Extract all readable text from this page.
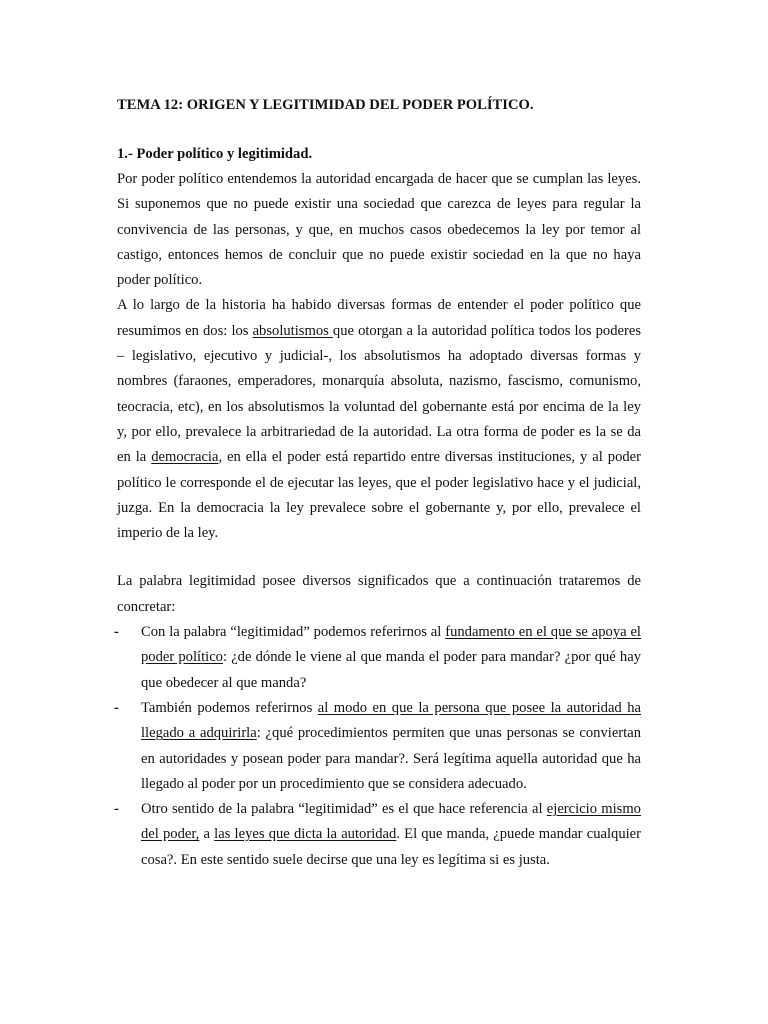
TEMA 12: ORIGEN Y LEGITIMIDAD DEL PODER POLÍTICO.

1.- Poder político y legitimidad.

Por poder político entendemos la autoridad encargada de hacer que se cumplan las leyes. Si suponemos que no puede existir una sociedad que carezca de leyes para regular la convivencia de las personas, y que, en muchos casos obedecemos la ley por temor al castigo, entonces hemos de concluir que no puede existir sociedad en la que no haya poder político.

A lo largo de la historia ha habido diversas formas de entender el poder político que resumimos en dos: los absolutismos que otorgan a la autoridad política todos los poderes – legislativo, ejecutivo y judicial-, los absolutismos ha adoptado diversas formas y nombres (faraones, emperadores, monarquía absoluta, nazismo, fascismo, comunismo, teocracia, etc), en los absolutismos la voluntad del gobernante está por encima de la ley y, por ello, prevalece la arbitrariedad de la autoridad. La otra forma de poder es la se da en la democracia, en ella el poder está repartido entre diversas instituciones, y al poder político le corresponde el de ejecutar las leyes, que el poder legislativo hace y el judicial, juzga. En la democracia la ley prevalece sobre el gobernante y, por ello, prevalece el imperio de la ley.

La palabra legitimidad posee diversos significados que a continuación trataremos de concretar:

- Con la palabra “legitimidad” podemos referirnos al fundamento en el que se apoya el poder político: ¿de dónde le viene al que manda el poder para mandar? ¿por qué hay que obedecer al que manda?
- También podemos referirnos al modo en que la persona que posee la autoridad ha llegado a adquirirla: ¿qué procedimientos permiten que unas personas se conviertan en autoridades y posean poder para mandar?. Será legítima aquella autoridad que ha llegado al poder por un procedimiento que se considera adecuado.
- Otro sentido de la palabra “legitimidad” es el que hace referencia al ejercicio mismo del poder, a las leyes que dicta la autoridad. El que manda, ¿puede mandar cualquier cosa?. En este sentido suele decirse que una ley es legítima si es justa.
